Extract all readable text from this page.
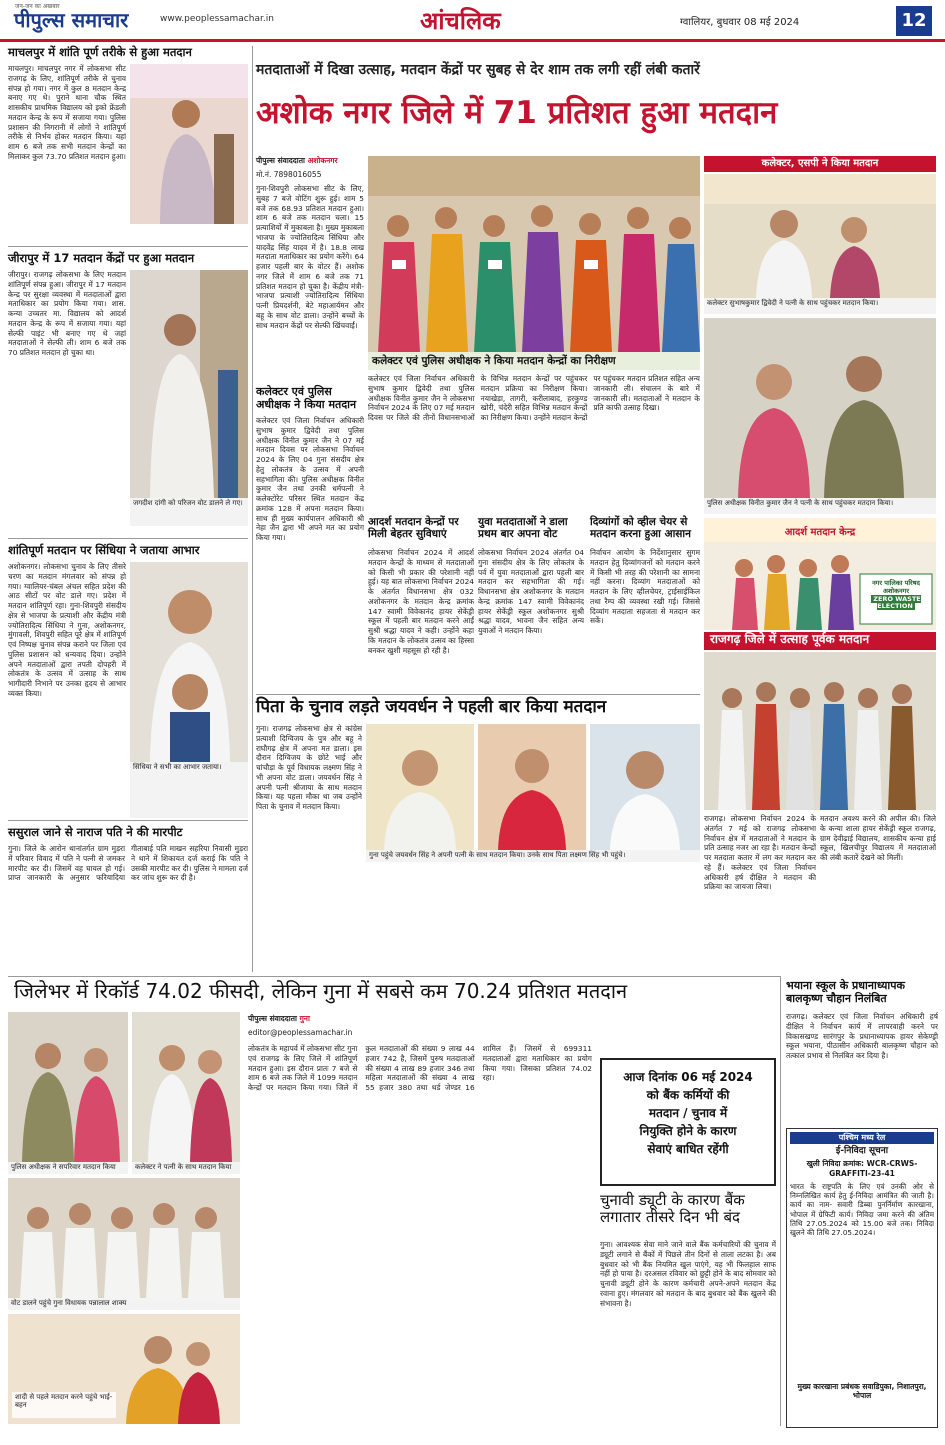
जन-जन का अखबार
पीपुल्स समाचार	www.peoplessamachar.in	आंचलिक	ग्वालियर, बुधवार 08 मई 2024	12
माचलपुर में शांति पूर्ण तरीके से हुआ मतदान
माचलपुर। माचलपुर नगर में लोकसभा सीट राजगढ़ के लिए, शांतिपूर्ण तरीके से चुनाव संपन्न हो गया। नगर में कुल 8 मतदान केन्द्र बनाए गए थे। पुराने थाना चौक स्थित शासकीय प्राथमिक विद्यालय को इको फ्रेंडली मतदान केन्द्र के रूप में सजाया गया। पुलिस प्रशासन की निगरानी में लोगों ने शांतिपूर्ण तरीके से निर्भय होकर मतदान किया। यहां शाम 6 बजे तक सभी मतदान केन्द्रों का मिलाकर कुल 73.70 प्रतिशत मतदान हुआ।
जीरापुर में 17 मतदान केंद्रों पर हुआ मतदान
जीरापुर। राजगढ़ लोकसभा के लिए मतदान शांतिपूर्ण संपन्न हुआ। जीरापुर में 17 मतदान केन्द्र पर सुरक्षा व्यवस्था में मतदाताओं द्वारा मताधिकार का प्रयोग किया गया। शास. कन्या उच्चतर मा. विद्यालय को आदर्श मतदान केन्द्र के रूप में सजाया गया। यहां सेल्फी पाइंट भी बनाए गए थे जहां मतदाताओं ने सेल्फी ली। शाम 6 बजे तक 70 प्रतिशत मतदान हो चुका था।
जगदीश दांगी को परिजन वोट डालने ले गए।
शांतिपूर्ण मतदान पर सिंधिया ने जताया आभार
अशोकनगर। लोकसभा चुनाव के लिए तीसरे चरण का मतदान मंगलवार को संपन्न हो गया। ग्वालियर-चंबल अंचल सहित प्रदेश की आठ सीटों पर वोट डाले गए। प्रदेश में मतदान शांतिपूर्ण रहा। गुना-शिवपुरी संसदीय क्षेत्र से भाजपा के प्रत्याशी और केंद्रीय मंत्री ज्योतिरादित्य सिंधिया ने गुना, अशोकनगर, मुंगावली, शिवपुरी सहित पूरे क्षेत्र में शांतिपूर्ण एवं निष्पक्ष चुनाव संपन्न कराने पर जिला एवं पुलिस प्रशासन को धन्यवाद दिया। उन्होंने अपने मतदाताओं द्वारा तपती दोपहरी में लोकतंत्र के उत्सव में उत्साह के साथ भागीदारी निभाने पर उनका हृदय से आभार व्यक्त किया।
सिंधिया ने सभी का आभार जताया।
ससुराल जाने से नाराज पति ने की मारपीट
गुना। जिले के आरोन थानांतर्गत ग्राम मुड़रा में परिवार विवाद में पति ने पत्नी से जमकर मारपीट कर दी। जिसमें वह घायल हो गई। प्राप्त जानकारी के अनुसार फरियादिया गीताबाई पति माखन सहरिया निवासी मुड़रा ने थाने में शिकायत दर्ज कराई कि पति ने उसकी मारपीट कर दी। पुलिस ने मामला दर्ज कर जांच शुरू कर दी है।
मतदाताओं में दिखा उत्साह, मतदान केंद्रों पर सुबह से देर शाम तक लगी रहीं लंबी कतारें
अशोक नगर जिले में 71 प्रतिशत हुआ मतदान
पीपुल्स संवाददाता अशोकनगर
मो.नं. 7898016055
गुना-शिवपुरी लोकसभा सीट के लिए, सुबह 7 बजे वोटिंग शुरू हुई। शाम 5 बजे तक 68.93 प्रतिशत मतदान हुआ। शाम 6 बजे तक मतदान चला। 15 प्रत्याशियों में मुकाबला है। मुख्य मुकाबला भाजपा के ज्योतिरादित्य सिंधिया और यादवेंद्र सिंह यादव में है। 18.8 लाख मतदाता मताधिकार का प्रयोग करेंगे। 64 हजार पहली बार के वोटर हैं। अशोक नगर जिले में शाम 6 बजे तक 71 प्रतिशत मतदान हो चुका है। केंद्रीय मंत्री-भाजपा प्रत्याशी ज्योतिरादित्य सिंधिया पत्नी प्रियदर्शनी, बेटे महाआर्यमन और बहू के साथ वोट डाला। उन्होंने बच्चों के साथ मतदान केंद्रों पर सेल्फी खिंचवाईं।
कलेक्टर, एसपी ने किया मतदान
कलेक्टर सुभाषकुमार द्विवेदी ने पत्नी के साथ पहुंचकर मतदान किया।
पुलिस अधीक्षक विनीत कुमार जैन ने पत्नी के साथ पहुंचकर मतदान किया।
कलेक्टर एवं पुलिस अधीक्षक ने किया मतदान केन्द्रों का निरीक्षण
कलेक्टर एवं जिला निर्वाचन अधिकारी सुभाष कुमार द्विवेदी तथा पुलिस अधीक्षक विनीत कुमार जैन ने लोकसभा निर्वाचन 2024 के लिए 07 मई मतदान दिवस पर जिले की तीनों विधानसभाओं के विभिन्न मतदान केन्द्रों पर पहुंचकर मतदान प्रक्रिया का निरीक्षण किया। नयाखेड़ा, तागरी, करीलाबाद, हरकुण्ड खोरी, चंदेरी सहित विभिन्न मतदान केन्द्रों का निरीक्षण किया। उन्होंने मतदान केन्द्रों पर पहुंचकर मतदान प्रतिशत सहित अन्य जानकारी ली। संचालन के बारे में जानकारी ली। मतदाताओं ने मतदान के प्रति काफी उत्साह दिखा।
कलेक्टर एवं पुलिस अधीक्षक ने किया मतदान
कलेक्टर एवं जिला निर्वाचन अधिकारी सुभाष कुमार द्विवेदी तथा पुलिस अधीक्षक विनीत कुमार जैन ने 07 मई मतदान दिवस पर लोकसभा निर्वाचन 2024 के लिए 04 गुना संसदीय क्षेत्र हेतु लोकतंत्र के उत्सव में अपनी सहभागिता की। पुलिस अधीक्षक विनीत कुमार जैन तथा उनकी धर्मपत्नी ने कलेक्टोरेट परिसर स्थित मतदान केंद्र क्रमांक 128 में अपना मतदान किया। साथ ही मुख्य कार्यपालन अधिकारी श्री नेहा जैन द्वारा भी अपने मत का प्रयोग किया गया।
आदर्श मतदान केन्द्रों पर मिली बेहतर सुविधाएं
लोकसभा निर्वाचन 2024 में आदर्श मतदान केन्द्रों के माध्यम से मतदाताओं को किसी भी प्रकार की परेशानी नहीं हुई। यह बात लोकसभा निर्वाचन 2024 के अंतर्गत विधानसभा क्षेत्र 032 अशोकनगर के मतदान केन्द्र क्रमांक 147 स्वामी विवेकानंद हायर सेकेंड्री स्कूल में पहली बार मतदान करने आईं सुश्री श्रद्धा यादव ने कही। उन्होंने कहा कि मतदान के लोकतंत्र उत्सव का हिस्सा बनकर खुशी महसूस हो रही है।
युवा मतदाताओं ने डाला प्रथम बार अपना वोट
लोकसभा निर्वाचन 2024 अंतर्गत 04 गुना संसदीय क्षेत्र के लिए लोकतंत्र के पर्व में युवा मतदाताओं द्वारा पहली बार मतदान कर सहभागिता की गई। विधानसभा क्षेत्र अशोकनगर के मतदान केन्द्र क्रमांक 147 स्वामी विवेकानंद हायर सेकेंड्री स्कूल अशोकनगर सुश्री श्रद्धा यादव, भावना जैन सहित अन्य युवाओं ने मतदान किया।
दिव्यांगों को व्हील चेयर से मतदान करना हुआ आसान
निर्वाचन आयोग के निर्देशानुसार सुगम मतदान हेतु दिव्यांगजनों को मतदान करने में किसी भी तरह की परेशानी का सामना नहीं करना। दिव्यांग मतदाताओं को मतदान के लिए व्हीलचेयर, ट्राईसाईकिल तथा रैम्प की व्यवस्था रखी गई। जिससे दिव्यांग मतदाता सहजता से मतदान कर सकें।
आदर्श मतदान केन्द्र
नगर पालिका परिषद अशोकनगर
ZERO WASTE ELECTION
राजगढ़ जिले में उत्साह पूर्वक मतदान
राजगढ़। लोकसभा निर्वाचन 2024 के अंतर्गत 7 मई को राजगढ़ लोकसभा निर्वाचन क्षेत्र में मतदाताओं ने मतदान के प्रति उत्साह नजर आ रहा है। मतदान केन्द्रों पर मतदाता कतार में लग कर मतदान कर रहे हैं। कलेक्टर एवं जिला निर्वाचन अधिकारी हर्ष दीक्षित ने मतदान की प्रक्रिया का जायजा लिया।
मतदान अवश्य करने की अपील की। जिले के कन्या शाला हायर सेकेंड्री स्कूल राजगढ़, ग्राम देवीढ़ाई विद्यालय, शासकीय कन्या हाई स्कूल, खिलचीपुर विद्यालय में मतदाताओं की लंबी कतारें देखने को मिलीं।
पिता के चुनाव लड़ते जयवर्धन ने पहली बार किया मतदान
गुना। राजगढ़ लोकसभा क्षेत्र से कांग्रेस प्रत्याशी दिग्विजय के पुत्र और बहू ने राघौगढ़ क्षेत्र में अपना मत डाला। इस दौरान दिग्विजय के छोटे भाई और चांचौड़ा के पूर्व विधायक लक्ष्मण सिंह ने भी अपना वोट डाला। जयवर्धन सिंह ने अपनी पत्नी श्रीजाया के साथ मतदान किया। यह पहला मौका था जब उन्होंने पिता के चुनाव में मतदान किया।
गुना पहुंचे जयवर्धन सिंह ने अपनी पत्नी के साथ मतदान किया। उनके साथ पिता लक्ष्मण सिंह भी पहुंचे।
जिलेभर में रिकॉर्ड 74.02 फीसदी, लेकिन गुना में सबसे कम 70.24 प्रतिशत मतदान
पुलिस अधीक्षक ने सपरिवार मतदान किया	कलेक्टर ने पत्नी के साथ मतदान किया
वोट डालने पहुंचे गुना विधायक पन्नालाल शाक्य
शादी से पहले मतदान करने पहुंचे भाई-बहन
पीपुल्स संवाददाता गुना
editor@peoplessamachar.in
लोकतंत्र के महापर्व में लोकसभा सीट गुना एवं राजगढ़ के लिए जिले में शांतिपूर्ण मतदान हुआ। इस दौरान प्रातः 7 बजे से शाम 6 बजे तक जिले में 1099 मतदान केन्द्रों पर मतदान किया गया। जिले में कुल मतदाताओं की संख्या 9 लाख 44 हजार 742 है, जिसमें पुरुष मतदाताओं की संख्या 4 लाख 89 हजार 346 तथा महिला मतदाताओं की संख्या 4 लाख 55 हजार 380 तथा थर्ड जेण्डर 16 शामिल हैं। जिसमें से 699311 मतदाताओं द्वारा मताधिकार का प्रयोग किया गया। जिसका प्रतिशत 74.02 रहा।	आज दिनांक 06 मई 2024
को बैंक कर्मियों की
मतदान / चुनाव में
नियुक्ति होने के कारण
सेवाएं बाधित रहेंगी
चुनावी ड्यूटी के कारण बैंक लगातार तीसरे दिन भी बंद
गुना। आवश्यक सेवा माने जाने वाले बैंक कर्मचारियों की चुनाव में ड्यूटी लगाने से बैंकों में पिछले तीन दिनों से ताला लटका है। अब बुधवार को भी बैंक नियमित खुल पाएंगे, यह भी फिलहाल साफ नहीं हो पाया है। दरअसल रविवार को छुट्टी होने के बाद सोमवार को चुनावी ड्यूटी होने के कारण कर्मचारी अपने-अपने मतदान केंद्र रवाना हुए। मंगलवार को मतदान के बाद बुधवार को बैंक खुलने की संभावना है।
भयाना स्कूल के प्रधानाध्यापक बालकृष्ण चौहान निलंबित
राजगढ़। कलेक्टर एवं जिला निर्वाचन अधिकारी हर्ष दीक्षित ने निर्वाचन कार्य में लापरवाही करने पर विकासखण्ड सारंगपुर के प्रधानाध्यापक हायर सेकेण्ड्री स्कूल भयाना, पीठासीन अधिकारी बालकृष्ण चौहान को तत्काल प्रभाव से निलंबित कर दिया है।
पश्चिम मध्य रेल
ई-निविदा सूचना
खुली निविदा क्रमांक: WCR-CRWS-GRAFFITI-23-41
भारत के राष्ट्रपति के लिए एवं उनकी ओर से निम्नलिखित कार्य हेतु ई-निविदा आमंत्रित की जाती है। कार्य का नाम- सवारी डिब्बा पुनर्निर्माण कारखाना, भोपाल में ग्रेफिटी कार्य। निविदा जमा करने की अंतिम तिथि 27.05.2024 को 15.00 बजे तक। निविदा खुलने की तिथि 27.05.2024।
मुख्य कारखाना प्रबंधक सवाडिपुका, निशातपुरा, भोपाल
